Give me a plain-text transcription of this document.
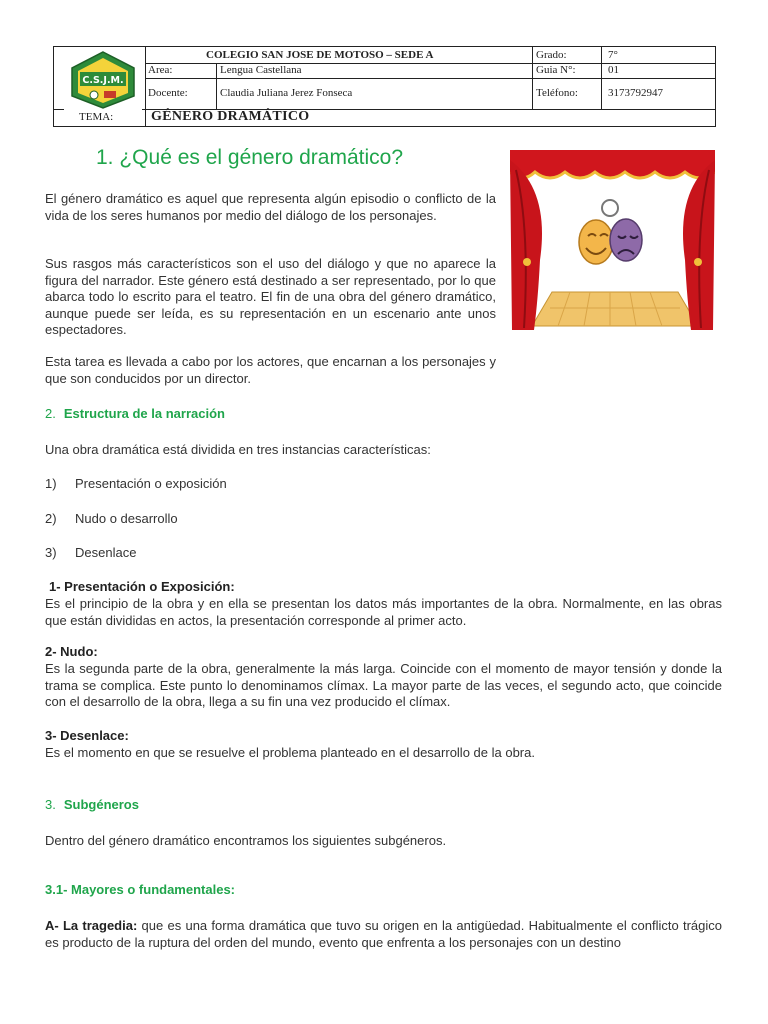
C.S.J.M.
COLEGIO SAN JOSE DE MOTOSO – SEDE A	Grado:	7°
Area:	Lengua Castellana	Guia N°:	01
Docente:	Claudia Juliana Jerez Fonseca	Teléfono:	3173792947
TEMA:	GÉNERO DRAMÁTICO
1. ¿Qué es el género dramático?

El género dramático es aquel que representa algún episodio o conflicto de la vida de los seres humanos por medio del diálogo de los personajes.

Sus rasgos más característicos son el uso del diálogo y que no aparece la figura del narrador. Este género está destinado a ser representado, por lo que abarca todo lo escrito para el teatro. El fin de una obra del género dramático, aunque puede ser leída, es su representación en un escenario ante unos espectadores.

Esta tarea es llevada a cabo por los actores, que encarnan a los personajes y que son conducidos por un director.

2. Estructura de la narración
Una obra dramática está dividida en tres instancias características:
1) Presentación o exposición
2) Nudo o desarrollo
3) Desenlace
1- Presentación o Exposición:

Es el principio de la obra y en ella se presentan los datos más importantes de la obra. Normalmente, en las obras que están divididas en actos, la presentación corresponde al primer acto.

2- Nudo:

Es la segunda parte de la obra, generalmente la más larga. Coincide con el momento de mayor tensión y donde la trama se complica. Este punto lo denominamos clímax. La mayor parte de las veces, el segundo acto, que coincide con el desarrollo de la obra, llega a su fin una vez producido el clímax.

3- Desenlace:

Es el momento en que se resuelve el problema planteado en el desarrollo de la obra.

3. Subgéneros
Dentro del género dramático encontramos los siguientes subgéneros.
3.1- Mayores o fundamentales:

A- La tragedia: que es una forma dramática que tuvo su origen en la antigüedad. Habitualmente el conflicto trágico es producto de la ruptura del orden del mundo, evento que enfrenta a los personajes con un destino
